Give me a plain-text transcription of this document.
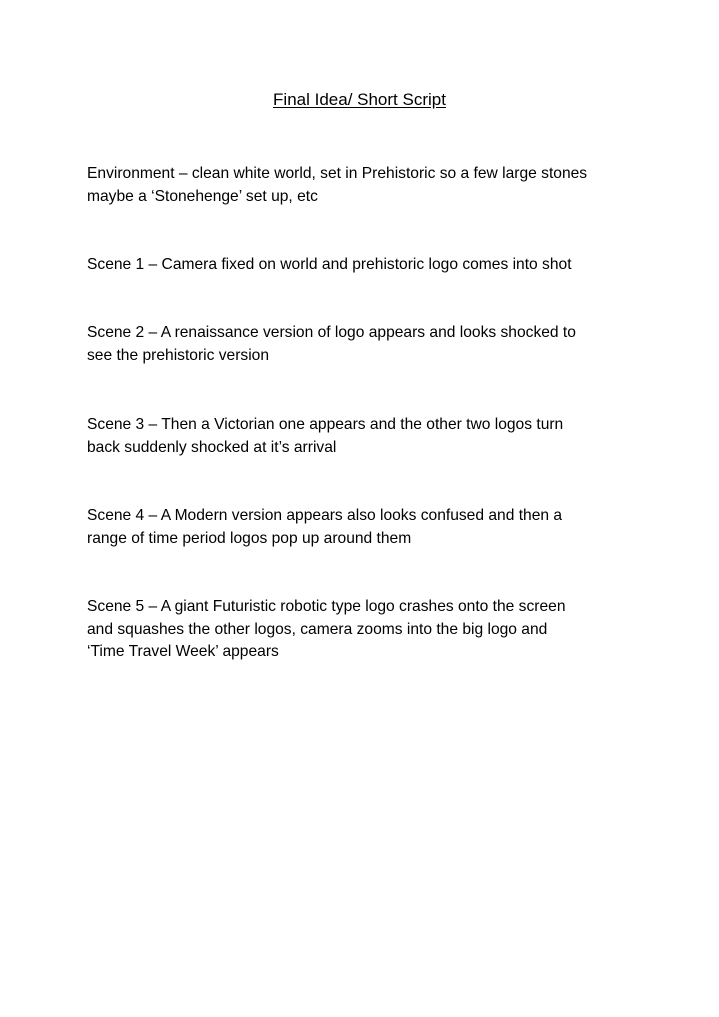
Final Idea/ Short Script
Environment – clean white world, set in Prehistoric so a few large stones
maybe a ‘Stonehenge’ set up, etc
Scene 1 – Camera fixed on world and prehistoric logo comes into shot
Scene 2 – A renaissance version of logo appears and looks shocked to
see the prehistoric version
Scene 3 – Then a Victorian one appears and the other two logos turn
back suddenly shocked at it’s arrival
Scene 4 – A Modern version appears also looks confused and then a
range of time period logos pop up around them
Scene 5 – A giant Futuristic robotic type logo crashes onto the screen
and squashes the other logos, camera zooms into the big logo and
‘Time Travel Week’ appears
